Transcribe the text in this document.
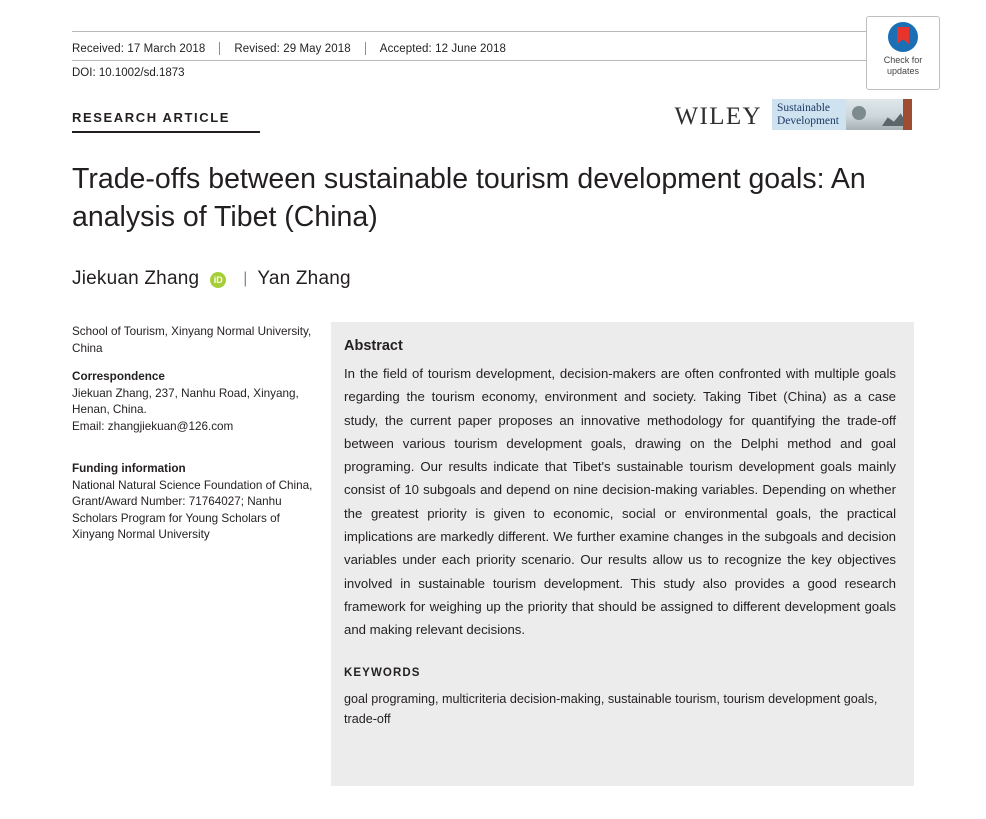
Received: 17 March 2018	Revised: 29 May 2018	Accepted: 12 June 2018
DOI: 10.1002/sd.1873
Check for
updates
RESEARCH ARTICLE	WILEY Sustainable
Development
Trade-offs between sustainable tourism development goals: An analysis of Tibet (China)
Jiekuan Zhang iD	| Yan Zhang
School of Tourism, Xinyang Normal University, China
Correspondence
Jiekuan Zhang, 237, Nanhu Road, Xinyang, Henan, China.
Email: zhangjiekuan@126.com
Funding information
National Natural Science Foundation of China, Grant/Award Number: 71764027; Nanhu Scholars Program for Young Scholars of Xinyang Normal University
Abstract
In the field of tourism development, decision-makers are often confronted with multiple goals regarding the tourism economy, environment and society. Taking Tibet (China) as a case study, the current paper proposes an innovative methodology for quantifying the trade-off between various tourism development goals, drawing on the Delphi method and goal programing. Our results indicate that Tibet's sustainable tourism development goals mainly consist of 10 subgoals and depend on nine decision-making variables. Depending on whether the greatest priority is given to economic, social or environmental goals, the practical implications are markedly different. We further examine changes in the subgoals and decision variables under each priority scenario. Our results allow us to recognize the key objectives involved in sustainable tourism development. This study also provides a good research framework for weighing up the priority that should be assigned to different development goals and making relevant decisions.
KEYWORDS
goal programing, multicriteria decision-making, sustainable tourism, tourism development goals, trade-off
